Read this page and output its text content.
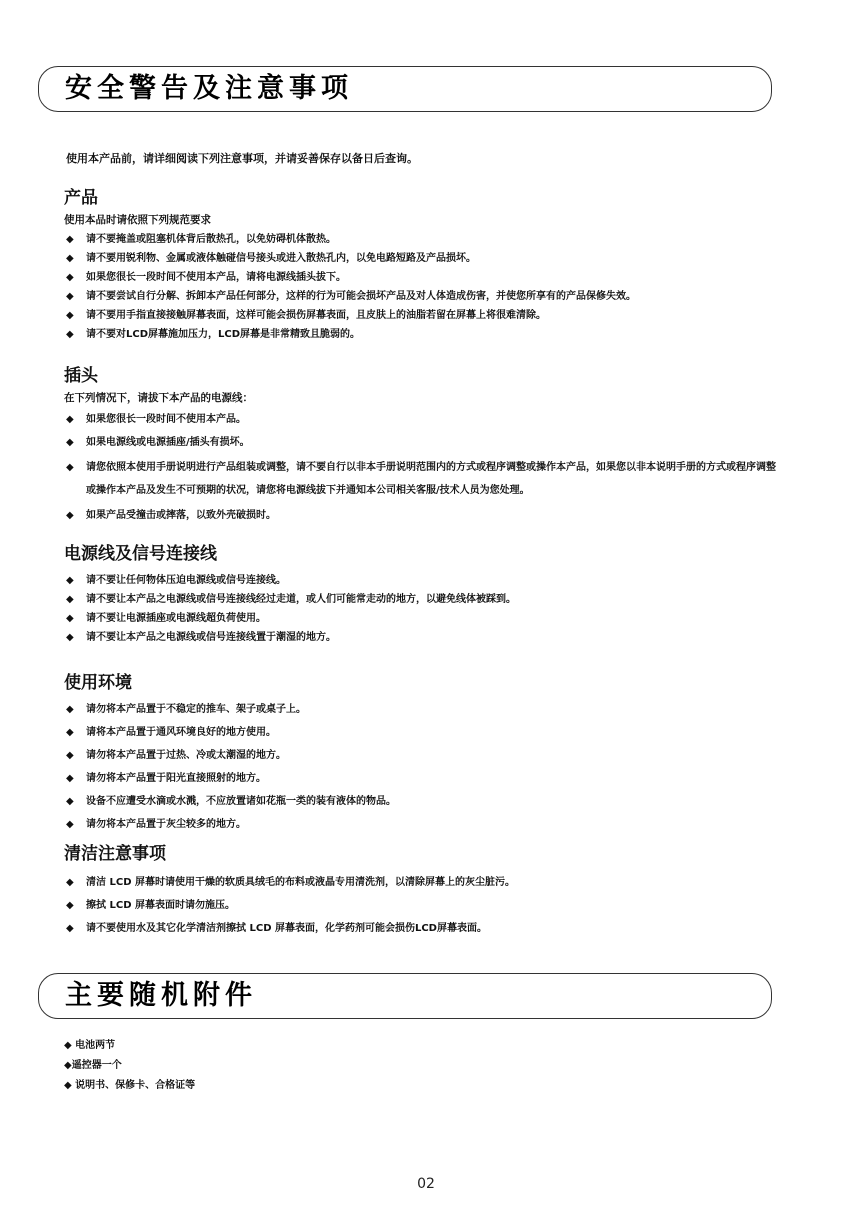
安全警告及注意事项
使用本产品前，请详细阅读下列注意事项，并请妥善保存以备日后查询。
产品
使用本品时请依照下列规范要求
◆ 请不要掩盖或阻塞机体背后散热孔，以免妨碍机体散热。
◆ 请不要用锐利物、金属或液体触碰信号接头或进入散热孔内，以免电路短路及产品损坏。
◆ 如果您很长一段时间不使用本产品，请将电源线插头拔下。
◆ 请不要尝试自行分解、拆卸本产品任何部分，这样的行为可能会损坏产品及对人体造成伤害，并使您所享有的产品保修失效。
◆ 请不要用手指直接接触屏幕表面，这样可能会损伤屏幕表面，且皮肤上的油脂若留在屏幕上将很难清除。
◆ 请不要对LCD屏幕施加压力，LCD屏幕是非常精致且脆弱的。
插头
在下列情况下，请拔下本产品的电源线：
◆ 如果您很长一段时间不使用本产品。
◆ 如果电源线或电源插座/插头有损坏。
◆ 请您依照本使用手册说明进行产品组装或调整，请不要自行以非本手册说明范围内的方式或程序调整或操作本产品，如果您以非本说明手册的方式或程序调整或操作本产品及发生不可预期的状况，请您将电源线拔下并通知本公司相关客服/技术人员为您处理。
◆ 如果产品受撞击或摔落，以致外壳破损时。
电源线及信号连接线
◆ 请不要让任何物体压迫电源线或信号连接线。
◆ 请不要让本产品之电源线或信号连接线经过走道，或人们可能常走动的地方，以避免线体被踩到。
◆ 请不要让电源插座或电源线超负荷使用。
◆ 请不要让本产品之电源线或信号连接线置于潮湿的地方。
使用环境
◆ 请勿将本产品置于不稳定的推车、架子或桌子上。
◆ 请将本产品置于通风环境良好的地方使用。
◆ 请勿将本产品置于过热、冷或太潮湿的地方。
◆ 请勿将本产品置于阳光直接照射的地方。
◆ 设备不应遭受水滴或水溅，不应放置诸如花瓶一类的装有液体的物品。
◆ 请勿将本产品置于灰尘较多的地方。
清洁注意事项
◆ 清洁 LCD 屏幕时请使用干燥的软质具绒毛的布料或液晶专用清洗剂，以清除屏幕上的灰尘脏污。
◆ 擦拭 LCD 屏幕表面时请勿施压。
◆ 请不要使用水及其它化学清洁剂擦拭 LCD 屏幕表面，化学药剂可能会损伤LCD屏幕表面。
主要随机附件
◆ 电池两节
◆遥控器一个
◆ 说明书、保修卡、合格证等
02
